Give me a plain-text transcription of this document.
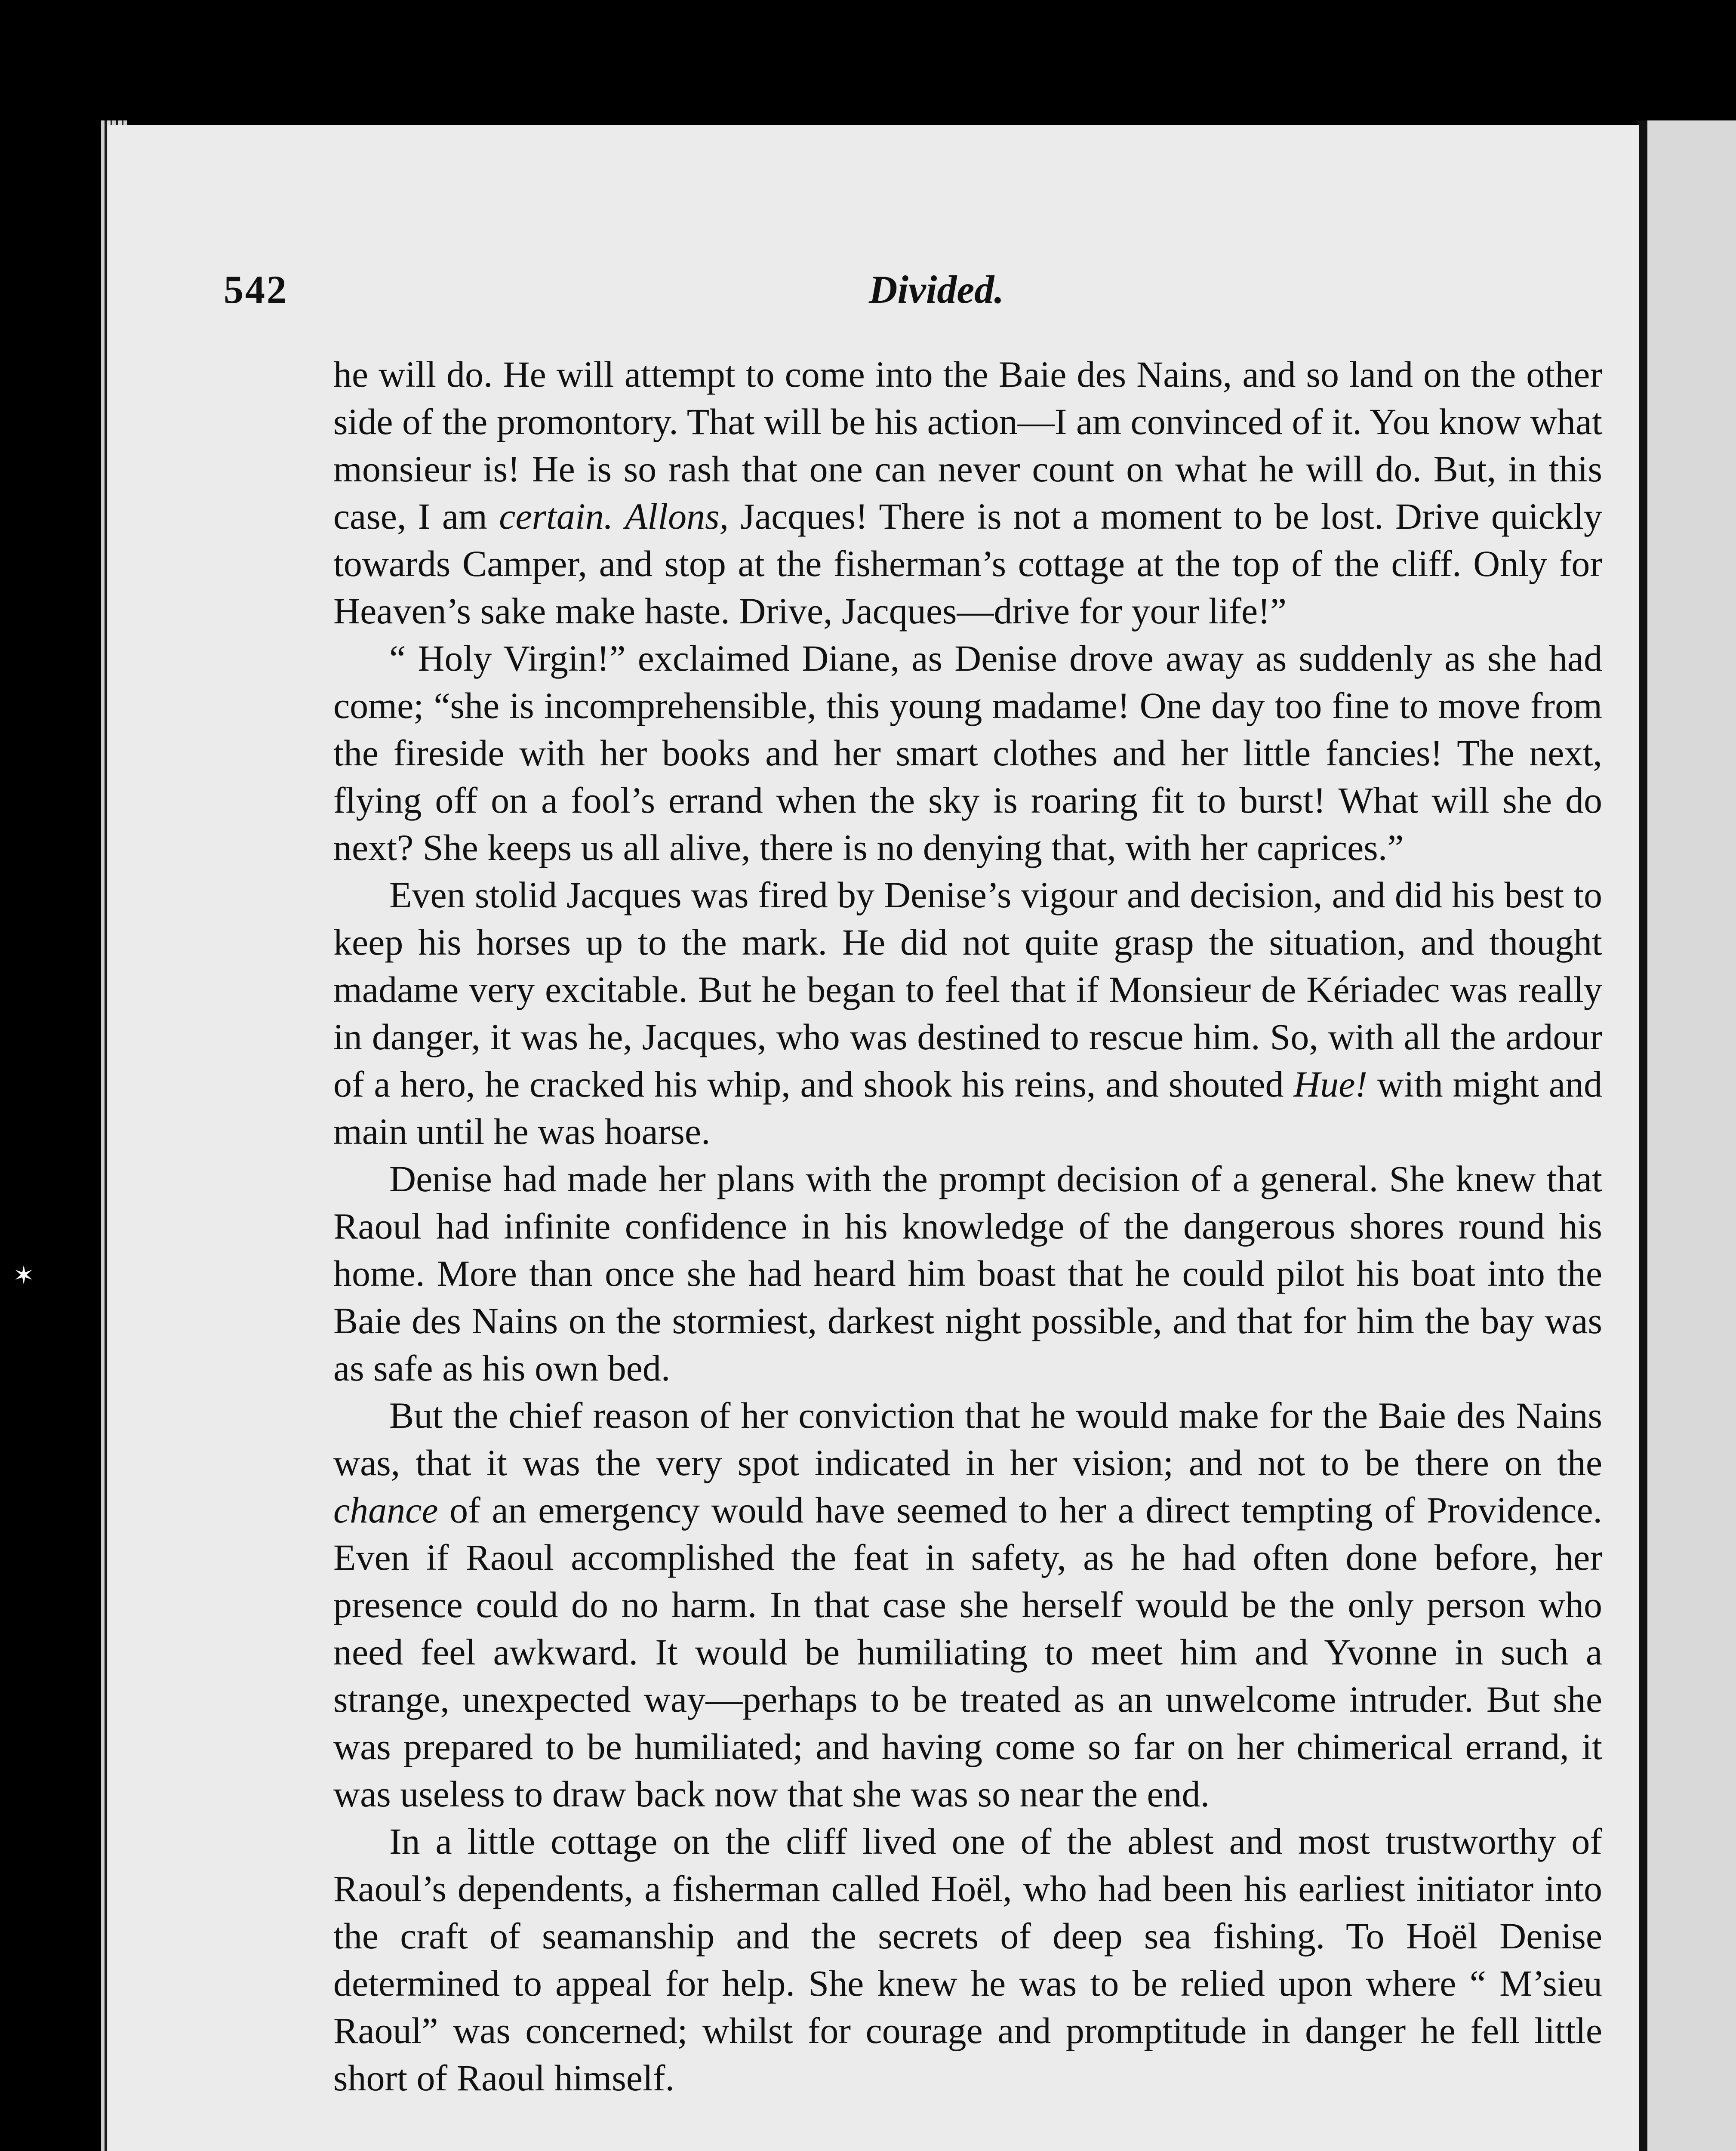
542	Divided.

he will do. He will attempt to come into the Baie des Nains, and so land on the other side of the promontory. That will be his action—I am convinced of it. You know what monsieur is! He is so rash that one can never count on what he will do. But, in this case, I am certain. Allons, Jacques! There is not a moment to be lost. Drive quickly towards Camper, and stop at the fisherman’s cottage at the top of the cliff. Only for Heaven’s sake make haste. Drive, Jacques—drive for your life!”

“ Holy Virgin!” exclaimed Diane, as Denise drove away as suddenly as she had come; “she is incomprehensible, this young madame! One day too fine to move from the fireside with her books and her smart clothes and her little fancies! The next, flying off on a fool’s errand when the sky is roaring fit to burst! What will she do next? She keeps us all alive, there is no denying that, with her caprices.”

Even stolid Jacques was fired by Denise’s vigour and decision, and did his best to keep his horses up to the mark. He did not quite grasp the situation, and thought madame very excitable. But he began to feel that if Monsieur de Kériadec was really in danger, it was he, Jacques, who was destined to rescue him. So, with all the ardour of a hero, he cracked his whip, and shook his reins, and shouted Hue! with might and main until he was hoarse.

Denise had made her plans with the prompt decision of a general. She knew that Raoul had infinite confidence in his knowledge of the dangerous shores round his home. More than once she had heard him boast that he could pilot his boat into the Baie des Nains on the stormiest, darkest night possible, and that for him the bay was as safe as his own bed.

But the chief reason of her conviction that he would make for the Baie des Nains was, that it was the very spot indicated in her vision; and not to be there on the chance of an emergency would have seemed to her a direct tempting of Providence. Even if Raoul accomplished the feat in safety, as he had often done before, her presence could do no harm. In that case she herself would be the only person who need feel awkward. It would be humiliating to meet him and Yvonne in such a strange, unexpected way—perhaps to be treated as an unwelcome intruder. But she was prepared to be humiliated; and having come so far on her chimerical errand, it was useless to draw back now that she was so near the end.

In a little cottage on the cliff lived one of the ablest and most trustworthy of Raoul’s dependents, a fisherman called Hoël, who had been his earliest initiator into the craft of seamanship and the secrets of deep sea fishing. To Hoël Denise determined to appeal for help. She knew he was to be relied upon where “ M’sieu Raoul” was concerned; whilst for courage and promptitude in danger he fell little short of Raoul himself.

✶
